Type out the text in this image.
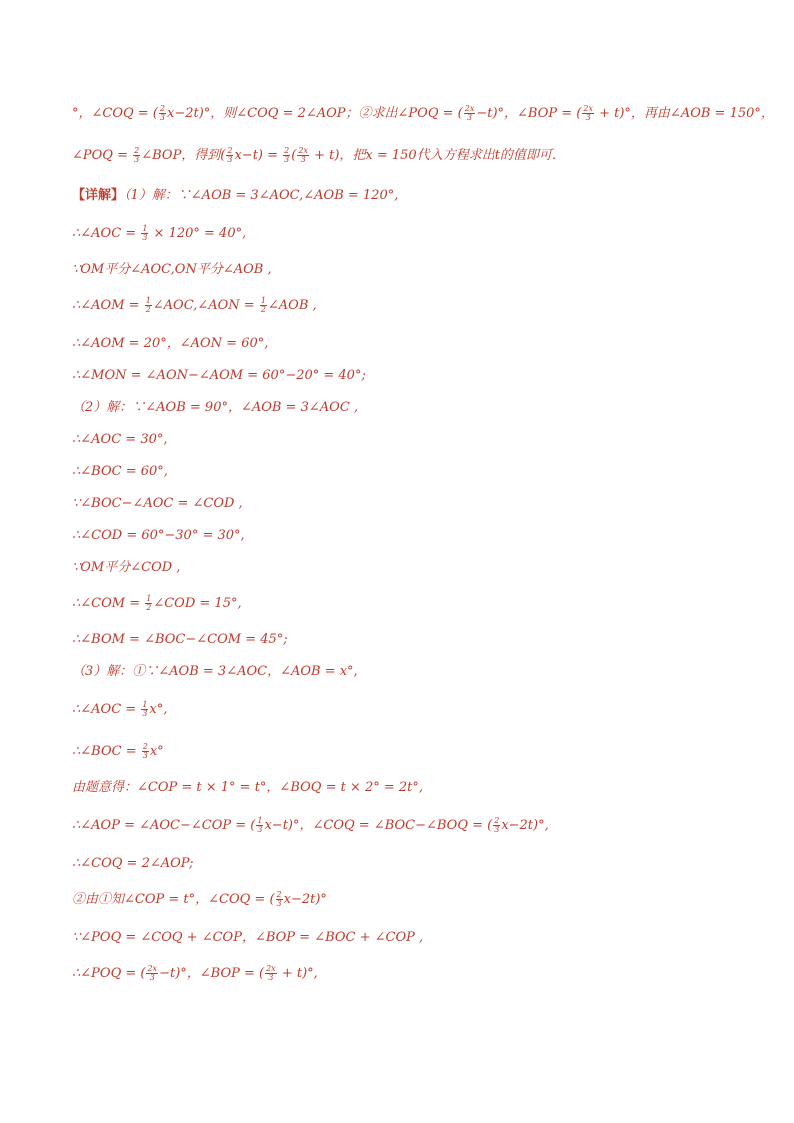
°，∠COQ = ( $\frac{2}{3} x-2t)^\circ$，则∠COQ = 2∠AOP；②求出∠POQ = ( $\frac{2x}{3} -t)^\circ$，∠BOP = ( $\frac{2x}{3} + t)^\circ$，再由∠AOB = 150°，
∠POQ = $\frac{2}{3}$ ∠BOP，得到( $\frac{2}{3} x-t) = \frac{2}{3}$ ( $\frac{2x}{3} + t$)，把x = 150代入方程求出t的值即可．
【详解】（1）解：∵∠AOB = 3∠AOC,∠AOB = 120°,
∴∠AOC = $\frac{1}{3} \times 120^\circ = 40^\circ$,
∵OM平分∠AOC,ON平分∠AOB ,
∴∠AOM = $\frac{1}{2}$ ∠AOC,∠AON = $\frac{1}{2}$ ∠AOB ,
∴∠AOM = 20°，∠AON = 60°,
∴∠MON = ∠AON−∠AOM = 60°−20° = 40°;
（2）解：∵∠AOB = 90°，∠AOB = 3∠AOC ,
∴∠AOC = 30°,
∴∠BOC = 60°,
∵∠BOC−∠AOC = ∠COD ,
∴∠COD = 60°−30° = 30°,
∵OM平分∠COD ,
∴∠COM = $\frac{1}{2}$ ∠COD = 15°,
∴∠BOM = ∠BOC−∠COM = 45°;
（3）解：①∵∠AOB = 3∠AOC，∠AOB = x°,
∴∠AOC = $\frac{1}{3} x^\circ$,
∴∠BOC = $\frac{2}{3} x^\circ$
由题意得：∠COP = t × 1° = t°，∠BOQ = t × 2° = 2t°,
∴∠AOP = ∠AOC−∠COP = ( $\frac{1}{3} x-t)^\circ$，∠COQ = ∠BOC−∠BOQ = ( $\frac{2}{3} x-2t)^\circ$,
∴∠COQ = 2∠AOP;
②由①知∠COP = t°，∠COQ = ( $\frac{2}{3} x-2t)^\circ$
∵∠POQ = ∠COQ + ∠COP，∠BOP = ∠BOC + ∠COP ,
∴∠POQ = ( $\frac{2x}{3} -t)^\circ$，∠BOP = ( $\frac{2x}{3} + t)^\circ$,
